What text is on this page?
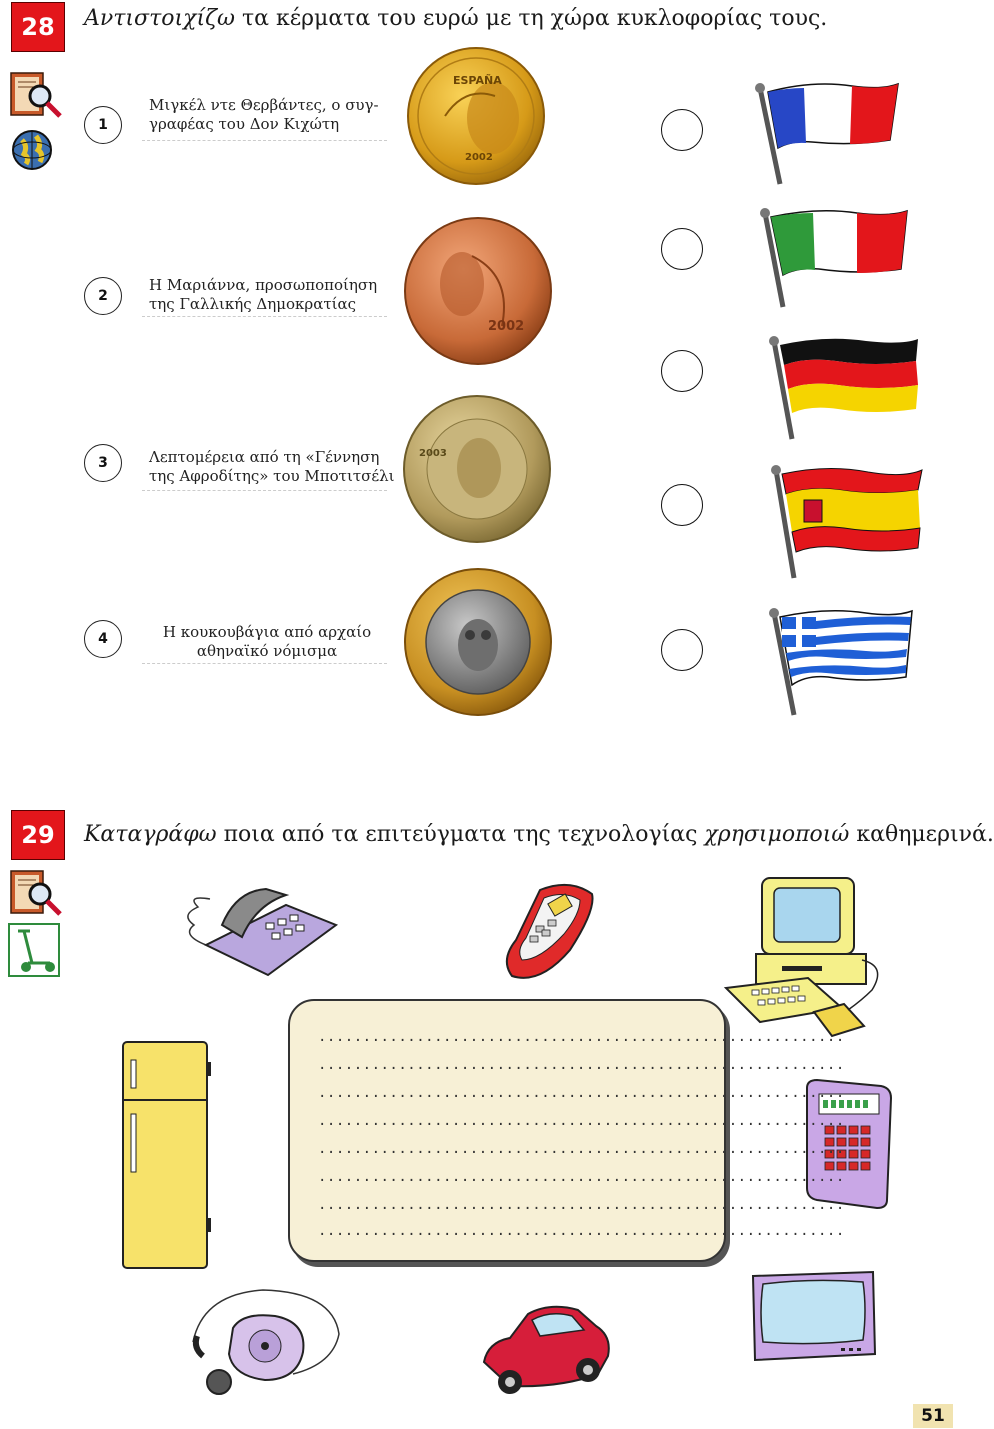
28	Αντιστοιχίζω τα κέρματα του ευρώ με τη χώρα κυκλοφορίας τους.
1
Μιγκέλ ντε Θερβάντες, ο συγ-
γραφέας του Δον Κιχώτη
2
Η Μαριάννα, προσωποποίηση
της Γαλλικής Δημοκρατίας
3	Λεπτομέρεια από τη «Γέννηση
της Αφροδίτης» του Μποτιτσέλι
4	Η κουκουβάγια από αρχαίο
αθηναϊκό νόμισμα
ESPAÑA
2002
2002
2003
29	Καταγράφω ποια από τα επιτεύγματα της τεχνολογίας χρησιμοποιώ καθημερινά.
...........................................................
...........................................................
...........................................................
...........................................................
...........................................................
...........................................................
...........................................................
...........................................................
51
